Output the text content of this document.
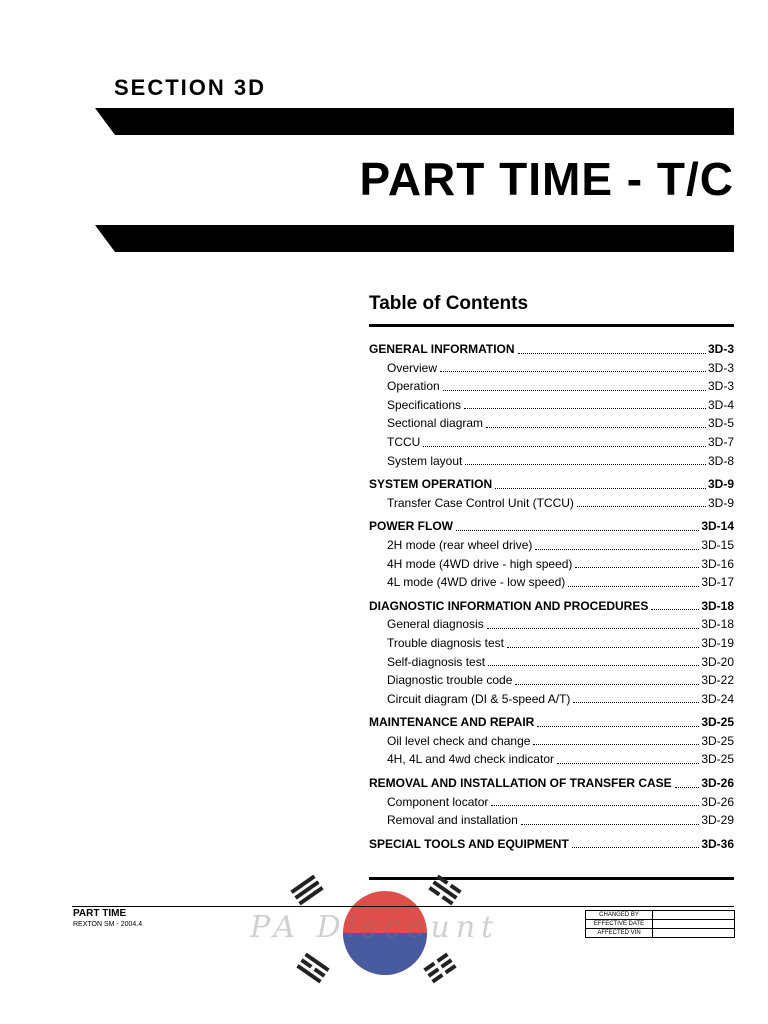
SECTION 3D
PART TIME - T/C
Table of Contents
GENERAL INFORMATION	3D-3
Overview	3D-3
Operation	3D-3
Specifications	3D-4
Sectional diagram	3D-5
TCCU	3D-7
System layout	3D-8
SYSTEM OPERATION	3D-9
Transfer Case Control Unit (TCCU)	3D-9
POWER FLOW	3D-14
2H mode (rear wheel drive)	3D-15
4H mode (4WD drive - high speed)	3D-16
4L mode (4WD drive - low speed)	3D-17
DIAGNOSTIC INFORMATION AND PROCEDURES	3D-18
General diagnosis	3D-18
Trouble diagnosis test	3D-19
Self-diagnosis test	3D-20
Diagnostic trouble code	3D-22
Circuit diagram (DI & 5-speed A/T)	3D-24
MAINTENANCE AND REPAIR	3D-25
Oil level check and change	3D-25
4H, 4L and 4wd check indicator	3D-25
REMOVAL AND INSTALLATION OF TRANSFER CASE 3D-26
Component locator	3D-26
Removal and installation	3D-29
SPECIAL TOOLS AND EQUIPMENT	3D-36
PA Discount
PART TIME
REXTON SM - 2004.4
CHANGED BY	
EFFECTIVE DATE	
AFFECTED VIN	
